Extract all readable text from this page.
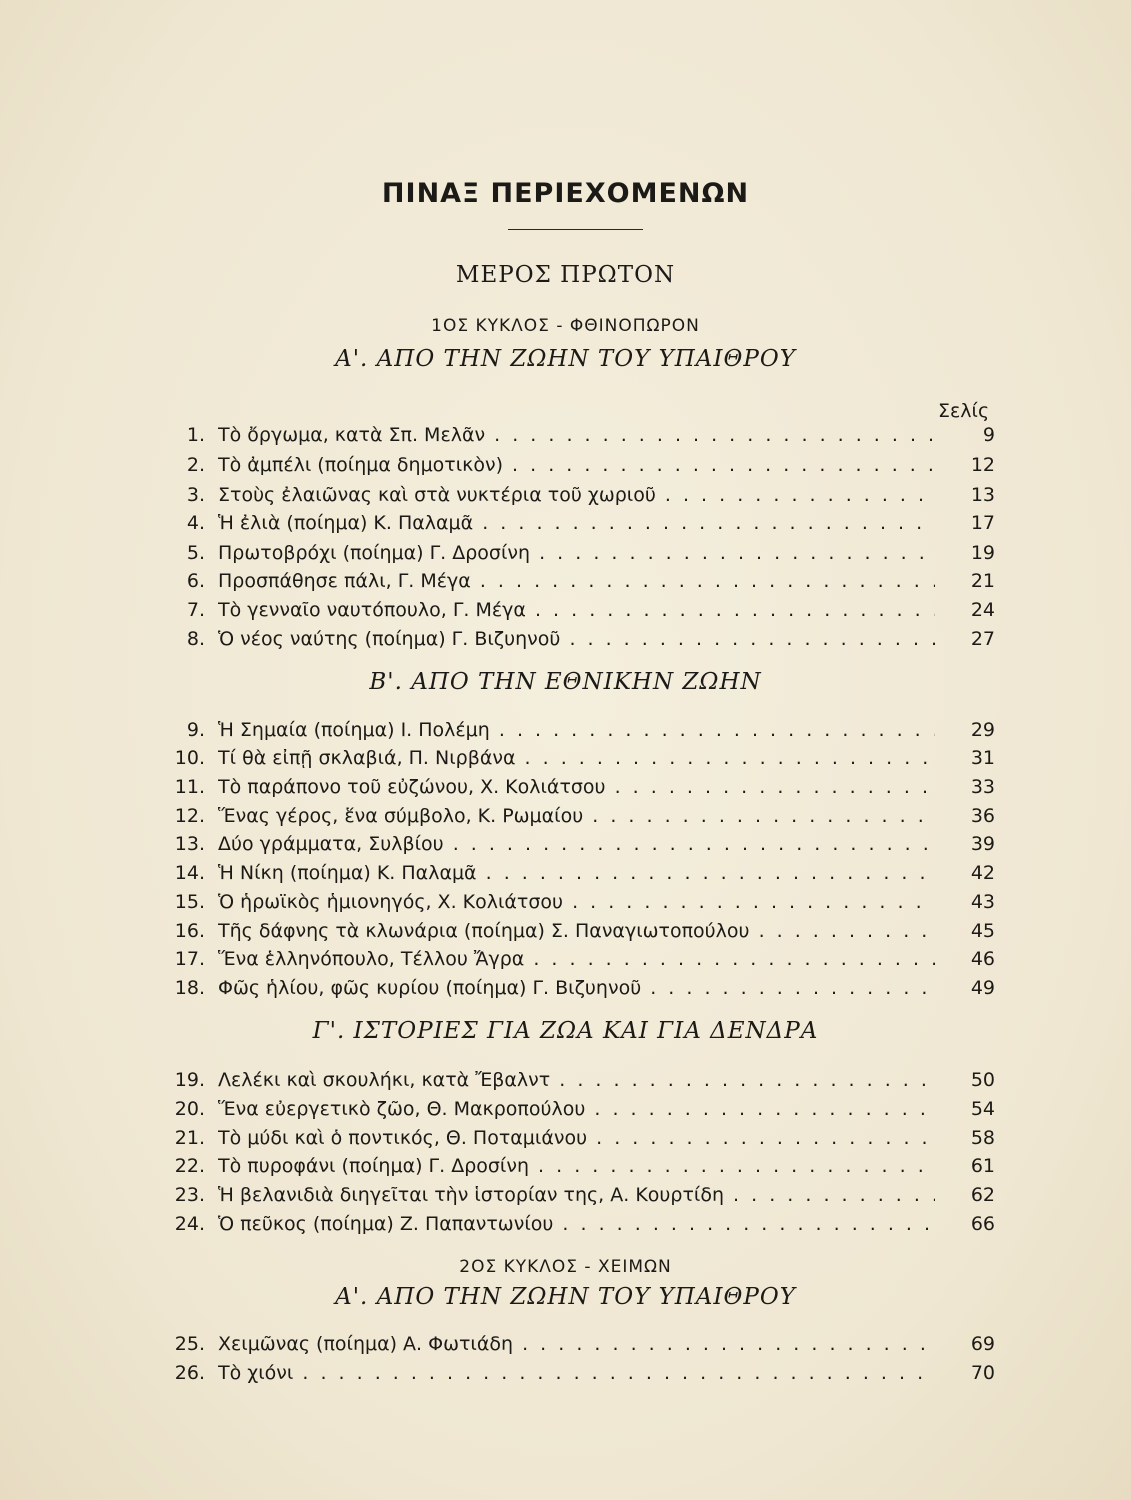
ΠΙΝΑΞ ΠΕΡΙΕΧΟΜΕΝΩΝ
ΜΕΡΟΣ ΠΡΩΤΟΝ
1ΟΣ ΚΥΚΛΟΣ - ΦΘΙΝΟΠΩΡΟΝ
Α'. ΑΠΟ ΤΗΝ ΖΩΗΝ ΤΟΥ ΥΠΑΙΘΡΟΥ
Σελίς
1. Τὸ ὄργωμα, κατὰ Σπ. Μελᾶν . . .	9
2. Τὸ ἀμπέλι (ποίημα δημοτικὸν) . . .	12
3. Στοὺς ἐλαιῶνας καὶ στὰ νυκτέρια τοῦ χωριοῦ . . .	13
4. Ἡ ἐλιὰ (ποίημα) Κ. Παλαμᾶ . . .	17
5. Πρωτοβρόχι (ποίημα) Γ. Δροσίνη . . .	19
6. Προσπάθησε πάλι, Γ. Μέγα . . .	21
7. Τὸ γενναῖο ναυτόπουλο, Γ. Μέγα . . .	24
8. Ὁ νέος ναύτης (ποίημα) Γ. Βιζυηνοῦ . . .	27
Β'. ΑΠΟ ΤΗΝ ΕΘΝΙΚΗΝ ΖΩΗΝ
9. Ἡ Σημαία (ποίημα) Ι. Πολέμη . . .	29
10. Τί θὰ εἰπῇ σκλαβιά, Π. Νιρβάνα . . .	31
11. Τὸ παράπονο τοῦ εὐζώνου, Χ. Κολιάτσου . . .	33
12. Ἕνας γέρος, ἕνα σύμβολο, Κ. Ρωμαίου . . .	36
13. Δύο γράμματα, Συλβίου . . .	39
14. Ἡ Νίκη (ποίημα) Κ. Παλαμᾶ . . .	42
15. Ὁ ἡρωϊκὸς ἡμιονηγός, Χ. Κολιάτσου . . .	43
16. Τῆς δάφνης τὰ κλωνάρια (ποίημα) Σ. Παναγιωτοπούλου . . .	45
17. Ἕνα ἑλληνόπουλο, Τέλλου Ἄγρα . . .	46
18. Φῶς ἡλίου, φῶς κυρίου (ποίημα) Γ. Βιζυηνοῦ . . .	49
Γ'. ΙΣΤΟΡΙΕΣ ΓΙΑ ΖΩΑ ΚΑΙ ΓΙΑ ΔΕΝΔΡΑ
19. Λελέκι καὶ σκουλήκι, κατὰ Ἔβαλντ . . .	50
20. Ἕνα εὐεργετικὸ ζῶο, Θ. Μακροπούλου . . .	54
21. Τὸ μύδι καὶ ὁ ποντικός, Θ. Ποταμιάνου . . .	58
22. Τὸ πυροφάνι (ποίημα) Γ. Δροσίνη . . .	61
23. Ἡ βελανιδιὰ διηγεῖται τὴν ἱστορίαν της, Α. Κουρτίδη . . .	62
24. Ὁ πεῦκος (ποίημα) Ζ. Παπαντωνίου . . .	66
2ΟΣ ΚΥΚΛΟΣ - ΧΕΙΜΩΝ
Α'. ΑΠΟ ΤΗΝ ΖΩΗΝ ΤΟΥ ΥΠΑΙΘΡΟΥ
25. Χειμῶνας (ποίημα) Α. Φωτιάδη . . .	69
26. Τὸ χιόνι . . .	70
